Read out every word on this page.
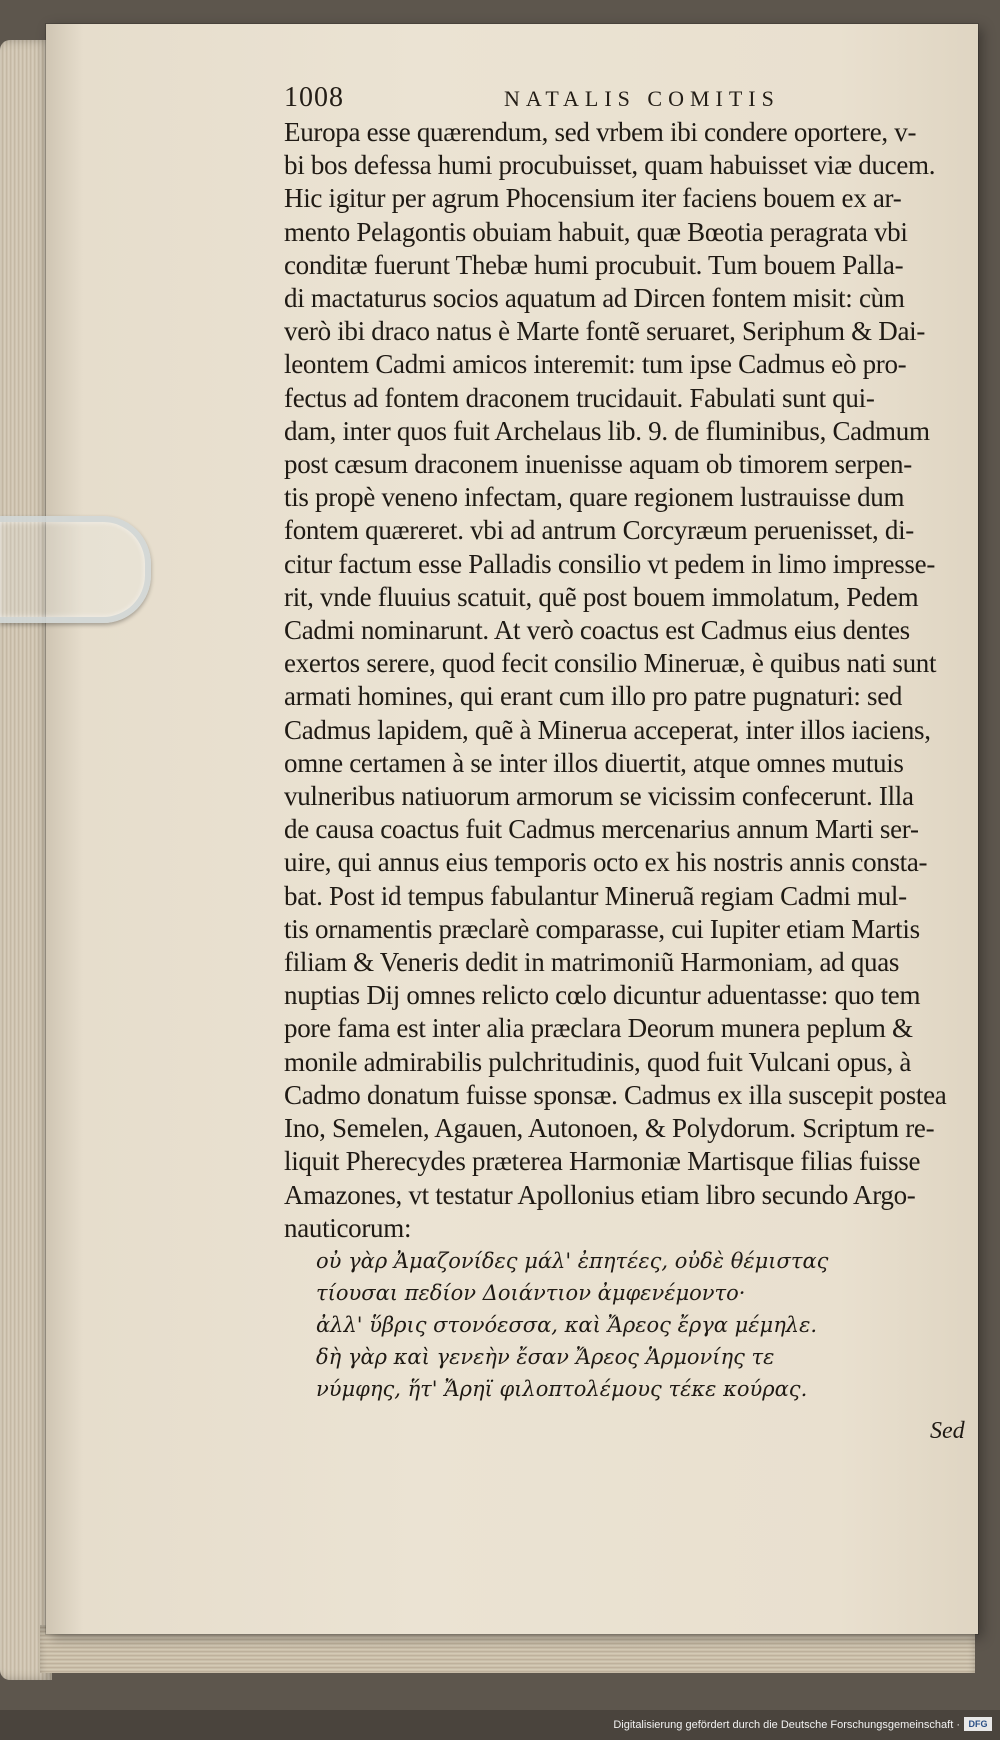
1008	NATALIS COMITIS
Europa esse quærendum, sed vrbem ibi condere oportere, v-
bi bos defessa humi procubuisset, quam habuisset viæ ducem.
Hic igitur per agrum Phocensium iter faciens bouem ex ar-
mento Pelagontis obuiam habuit, quæ Bœotia peragrata vbi
conditæ fuerunt Thebæ humi procubuit. Tum bouem Palla-
di mactaturus socios aquatum ad Dircen fontem misit: cùm
verò ibi draco natus è Marte fontẽ seruaret, Seriphum & Dai-
leontem Cadmi amicos interemit: tum ipse Cadmus eò pro-
fectus ad fontem draconem trucidauit. Fabulati sunt qui-
dam, inter quos fuit Archelaus lib. 9. de fluminibus, Cadmum
post cæsum draconem inuenisse aquam ob timorem serpen-
tis propè veneno infectam, quare regionem lustrauisse dum
fontem quæreret. vbi ad antrum Corcyræum peruenisset, di-
citur factum esse Palladis consilio vt pedem in limo impresse-
rit, vnde fluuius scatuit, quẽ post bouem immolatum, Pedem
Cadmi nominarunt. At verò coactus est Cadmus eius dentes
exertos serere, quod fecit consilio Mineruæ, è quibus nati sunt
armati homines, qui erant cum illo pro patre pugnaturi: sed
Cadmus lapidem, quẽ à Minerua acceperat, inter illos iaciens,
omne certamen à se inter illos diuertit, atque omnes mutuis
vulneribus natiuorum armorum se vicissim confecerunt. Illa
de causa coactus fuit Cadmus mercenarius annum Marti ser-
uire, qui annus eius temporis octo ex his nostris annis consta-
bat. Post id tempus fabulantur Mineruã regiam Cadmi mul-
tis ornamentis præclarè comparasse, cui Iupiter etiam Martis
filiam & Veneris dedit in matrimoniũ Harmoniam, ad quas
nuptias Dij omnes relicto cœlo dicuntur aduentasse: quo tem
pore fama est inter alia præclara Deorum munera peplum &
monile admirabilis pulchritudinis, quod fuit Vulcani opus, à
Cadmo donatum fuisse sponsæ. Cadmus ex illa suscepit postea
Ino, Semelen, Agauen, Autonoen, & Polydorum. Scriptum re-
liquit Pherecydes præterea Harmoniæ Martisque filias fuisse
Amazones, vt testatur Apollonius etiam libro secundo Argo-
nauticorum:
οὐ γὰρ Ἀμαζονίδες μάλ' ἐπητέες, οὐδὲ θέμιστας
τίουσαι πεδίον Δοιάντιον ἀμφενέμοντο·
ἀλλ' ὕβρις στονόεσσα, καὶ Ἄρεος ἔργα μέμηλε.
δὴ γὰρ καὶ γενεὴν ἔσαν Ἄρεος Ἁρμονίης τε
νύμφης, ἥτ' Ἄρηϊ φιλοπτολέμους τέκε κούρας.
Sed
Digitalisierung gefördert durch die Deutsche Forschungsgemeinschaft · DFG
